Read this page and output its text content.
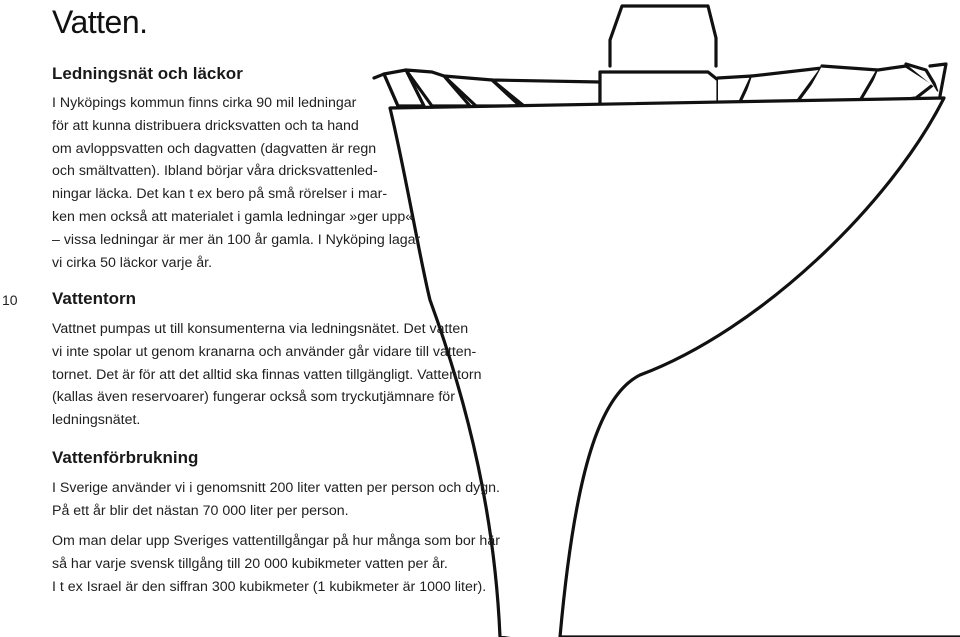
Vatten.
10
Ledningsnät och läckor

I Nyköpings kommun finns cirka 90 mil ledningar
för att kunna distribuera dricksvatten och ta hand
om avloppsvatten och dagvatten (dagvatten är regn
och smältvatten). Ibland börjar våra dricksvattenled-
ningar läcka. Det kan t ex bero på små rörelser i mar-
ken men också att materialet i gamla ledningar »ger upp«
– vissa ledningar är mer än 100 år gamla. I Nyköping lagar
vi cirka 50 läckor varje år.

Vattentorn

Vattnet pumpas ut till konsumenterna via ledningsnätet. Det vatten
vi inte spolar ut genom kranarna och använder går vidare till vatten-
tornet. Det är för att det alltid ska finnas vatten tillgängligt. Vattentorn
(kallas även reservoarer) fungerar också som tryckutjämnare för
ledningsnätet.

Vattenförbrukning

I Sverige använder vi i genomsnitt 200 liter vatten per person och dygn.
På ett år blir det nästan 70 000 liter per person.

Om man delar upp Sveriges vattentillgångar på hur många som bor här
så har varje svensk tillgång till 20 000 kubikmeter vatten per år.
I t ex Israel är den siffran 300 kubikmeter (1 kubikmeter är 1000 liter).
